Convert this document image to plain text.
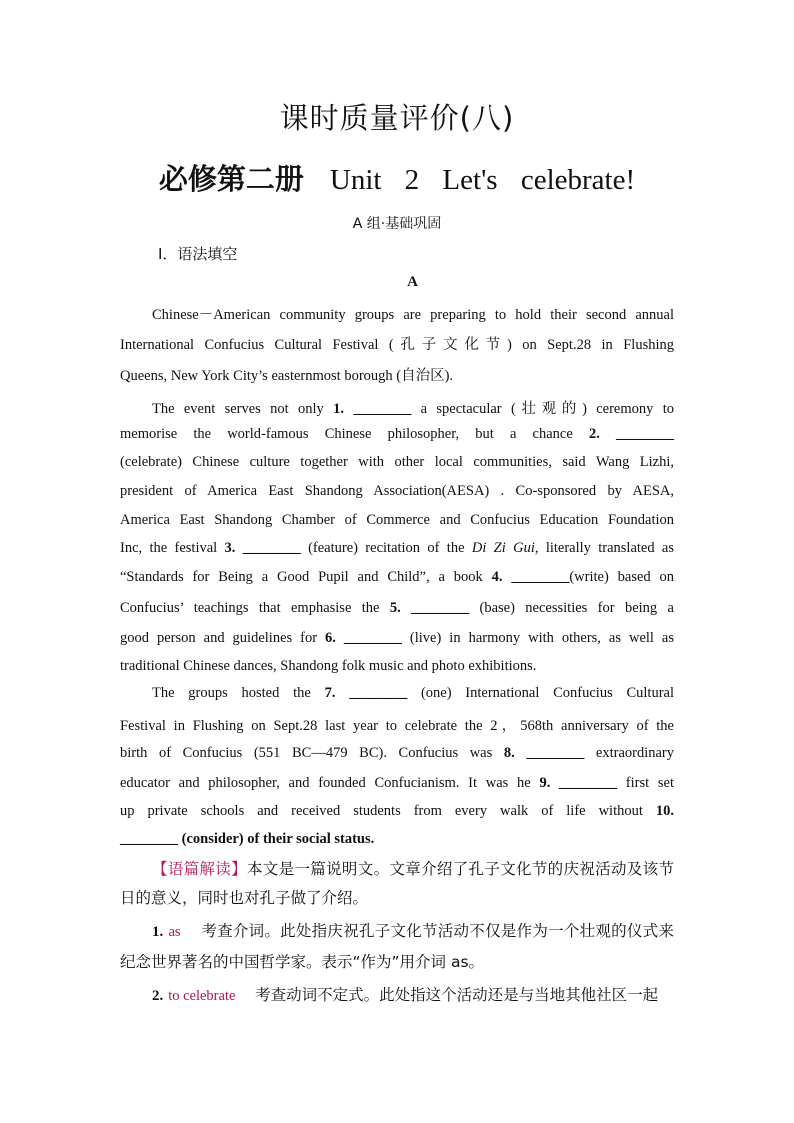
课时质量评价(八)
必修第二册 Unit 2 Let's celebrate!
A 组·基础巩固
Ⅰ．语法填空
A
Chinese－American community groups are preparing to hold their second annual
International Confucius Cultural Festival (孔子文化节) on Sept.28 in Flushing
Queens, New York City’s easternmost borough (自治区).
The event serves not only 1. ________ a spectacular (壮观的) ceremony to
memorise the world-famous Chinese philosopher, but a chance 2. ________
(celebrate) Chinese culture together with other local communities, said Wang Lizhi,
president of America East Shandong Association(AESA) . Co-sponsored by AESA,
America East Shandong Chamber of Commerce and Confucius Education Foundation
Inc, the festival 3. ________ (feature) recitation of the Di Zi Gui, literally translated as
“Standards for Being a Good Pupil and Child”, a book 4. ________(write) based on
Confucius’ teachings that emphasise the 5. ________ (base) necessities for being a
good person and guidelines for 6. ________ (live) in harmony with others, as well as
traditional Chinese dances, Shandong folk music and photo exhibitions.
The groups hosted the 7. ________ (one) International Confucius Cultural
Festival in Flushing on Sept.28 last year to celebrate the 2，568th anniversary of the
birth of Confucius (551 BC—479 BC). Confucius was 8. ________ extraordinary
educator and philosopher, and founded Confucianism. It was he 9. ________ first set
up private schools and received students from every walk of life without 10.
________ (consider) of their social status.
【语篇解读】本文是一篇说明文。文章介绍了孔子文化节的庆祝活动及该节
日的意义，同时也对孔子做了介绍。
1. as 考查介词。此处指庆祝孔子文化节活动不仅是作为一个壮观的仪式来
纪念世界著名的中国哲学家。表示“作为”用介词 as。
2. to celebrate 考查动词不定式。此处指这个活动还是与当地其他社区一起
